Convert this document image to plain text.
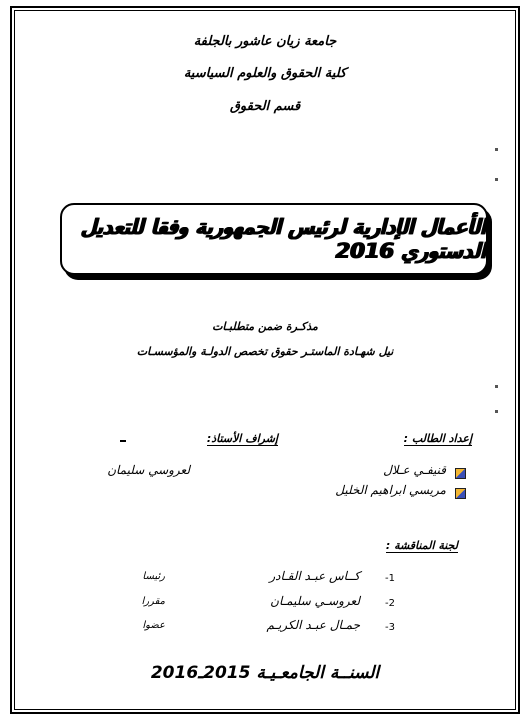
جامعة زيان عاشور بالجلفة
كلية الحقوق والعلوم السياسية
قسم الحقوق
الأعمال الإدارية لرئيس الجمهورية وفقا للتعديل الدستوري 2016
مذكـرة ضمن متطلبـات
نيل شهـادة الماستـر حقوق تخصص الدولـة والمؤسسـات
إعداد الطالب :
إشراف الأستاذ:
قنيفـي عـلال
مريسي ابراهيم الخليل
لعروسي سليمان
لجنة المناقشة :
-1
كــاس عبـد القـادر
رئيسا
-2
لعروسـي سليمـان
مقررا
-3
جمـال عبـد الكريـم
عضوا
السنــة الجامعـيـة 2015ـ2016
